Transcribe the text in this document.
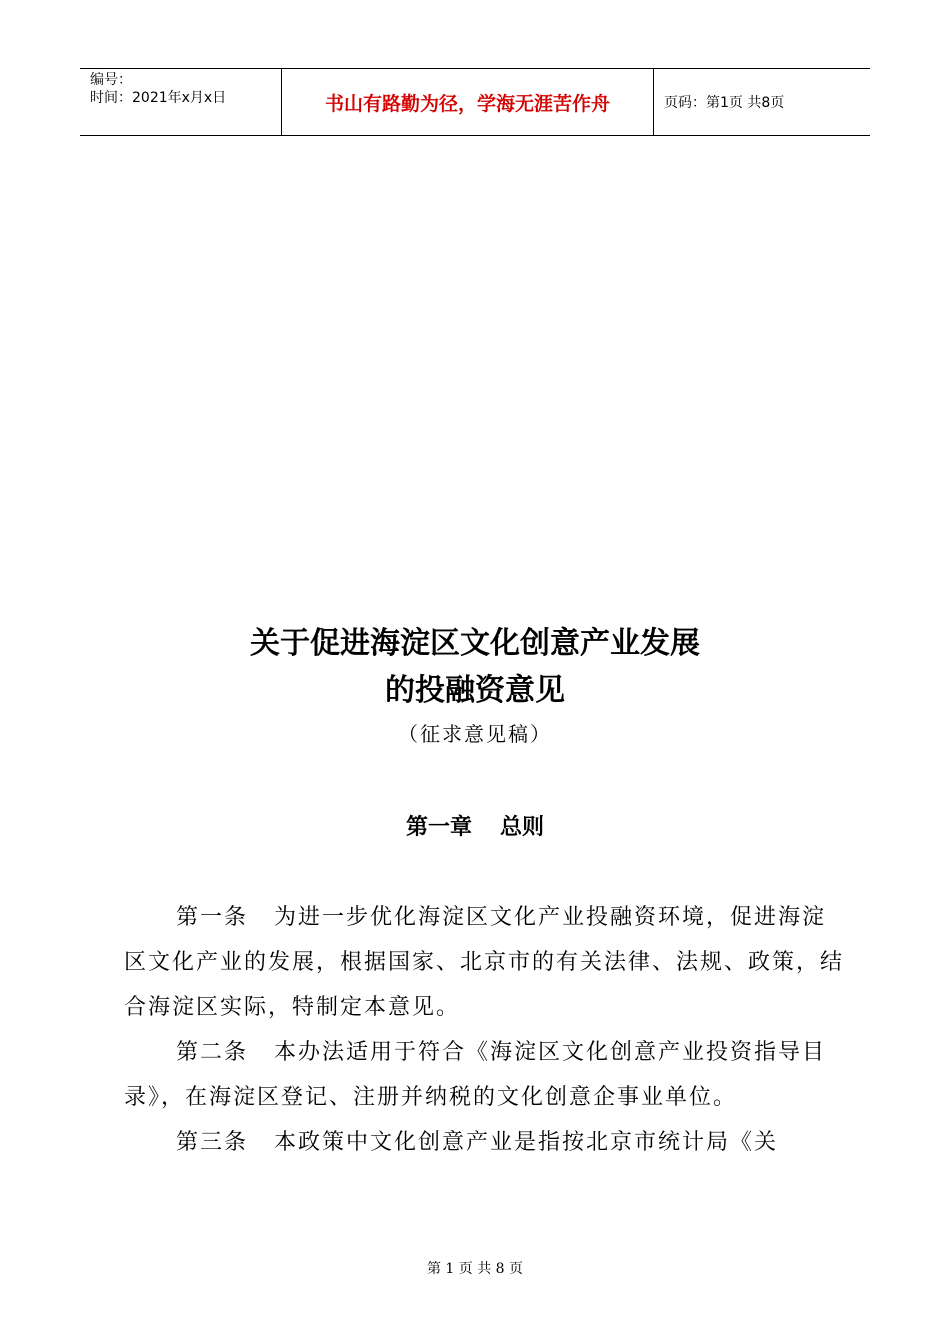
编号：
时间：2021年x月x日	书山有路勤为径，学海无涯苦作舟	页码：第1页 共8页
关于促进海淀区文化创意产业发展
的投融资意见
（征求意见稿）
第一章 总则

第一条 为进一步优化海淀区文化产业投融资环境，促进海淀区文化产业的发展，根据国家、北京市的有关法律、法规、政策，结合海淀区实际，特制定本意见。

第二条 本办法适用于符合《海淀区文化创意产业投资指导目录》，在海淀区登记、注册并纳税的文化创意企事业单位。

第三条 本政策中文化创意产业是指按北京市统计局《关

第 1 页 共 8 页
